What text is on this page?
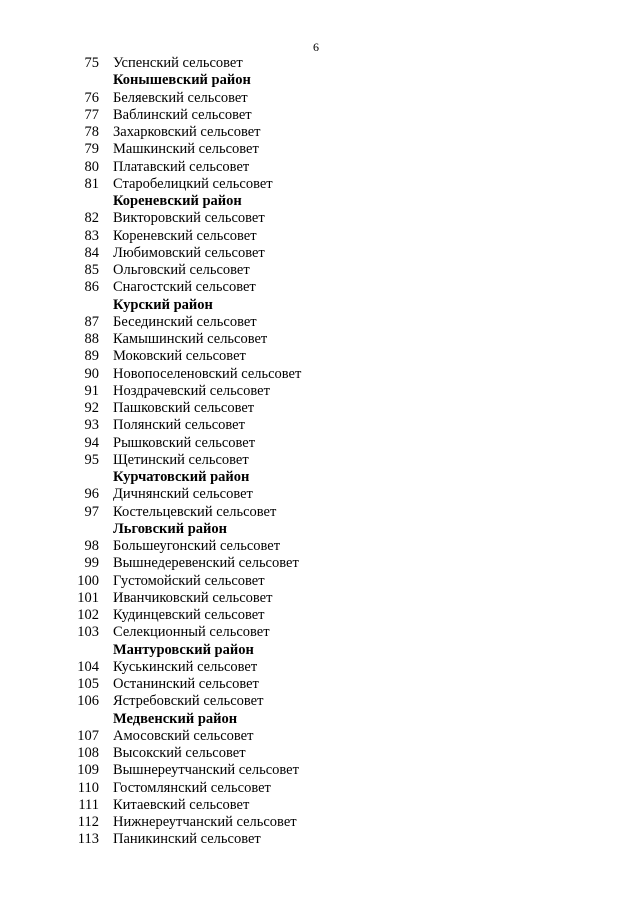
6
75 Успенский сельсовет
Конышевский район
76 Беляевский сельсовет
77 Ваблинский сельсовет
78 Захарковский сельсовет
79 Машкинский сельсовет
80 Платавский сельсовет
81 Старобелицкий сельсовет
Кореневский район
82 Викторовский сельсовет
83 Кореневский сельсовет
84 Любимовский сельсовет
85 Ольговский сельсовет
86 Снагостский сельсовет
Курский район
87 Бесединский сельсовет
88 Камышинский сельсовет
89 Моковский сельсовет
90 Новопоселеновский сельсовет
91 Ноздрачевский сельсовет
92 Пашковский сельсовет
93 Полянский сельсовет
94 Рышковский сельсовет
95 Щетинский сельсовет
Курчатовский район
96 Дичнянский сельсовет
97 Костельцевский сельсовет
Льговский район
98 Большеугонский сельсовет
99 Вышнедеревенский сельсовет
100 Густомойский сельсовет
101 Иванчиковский сельсовет
102 Кудинцевский сельсовет
103 Селекционный сельсовет
Мантуровский район
104 Куськинский сельсовет
105 Останинский сельсовет
106 Ястребовский сельсовет
Медвенский район
107 Амосовский сельсовет
108 Высокский сельсовет
109 Вышнереутчанский сельсовет
110 Гостомлянский сельсовет
111 Китаевский сельсовет
112 Нижнереутчанский сельсовет
113 Паникинский сельсовет
